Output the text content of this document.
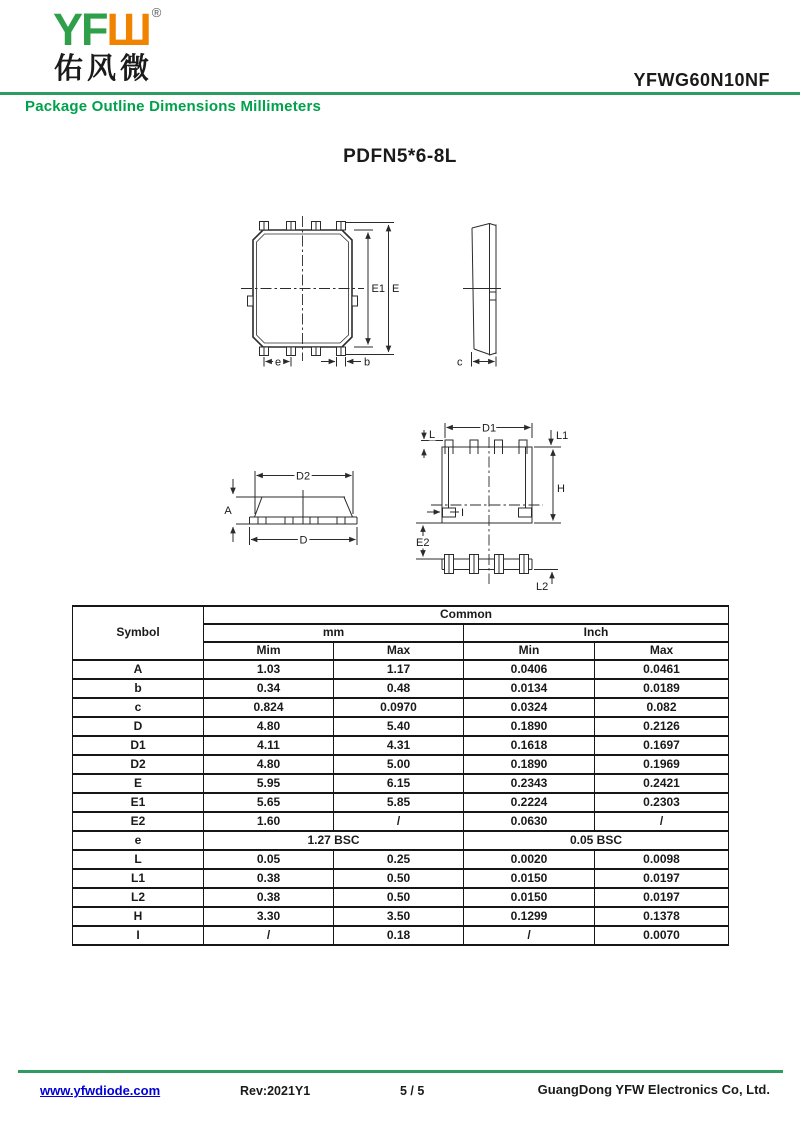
YFШ ®
佑风微	YFWG60N10NF
Package Outline Dimensions Millimeters
PDFN5*6-8L
E1 E
e	b	c
D2
A
D
D1
L	L1
H
I
E2
L2
Symbol	Common			
	mm		Inch	
	Mim	Max	Min	Max
A	1.03	1.17	0.0406	0.0461
b	0.34	0.48	0.0134	0.0189
c	0.824	0.0970	0.0324	0.082
D	4.80	5.40	0.1890	0.2126
D1	4.11	4.31	0.1618	0.1697
D2	4.80	5.00	0.1890	0.1969
E	5.95	6.15	0.2343	0.2421
E1	5.65	5.85	0.2224	0.2303
E2	1.60	/	0.0630	/
e	1.27 BSC		0.05 BSC	
L	0.05	0.25	0.0020	0.0098
L1	0.38	0.50	0.0150	0.0197
L2	0.38	0.50	0.0150	0.0197
H	3.30	3.50	0.1299	0.1378
I	/	0.18	/	0.0070
www.yfwdiode.com	Rev:2021Y1	5 / 5	GuangDong YFW Electronics Co, Ltd.
